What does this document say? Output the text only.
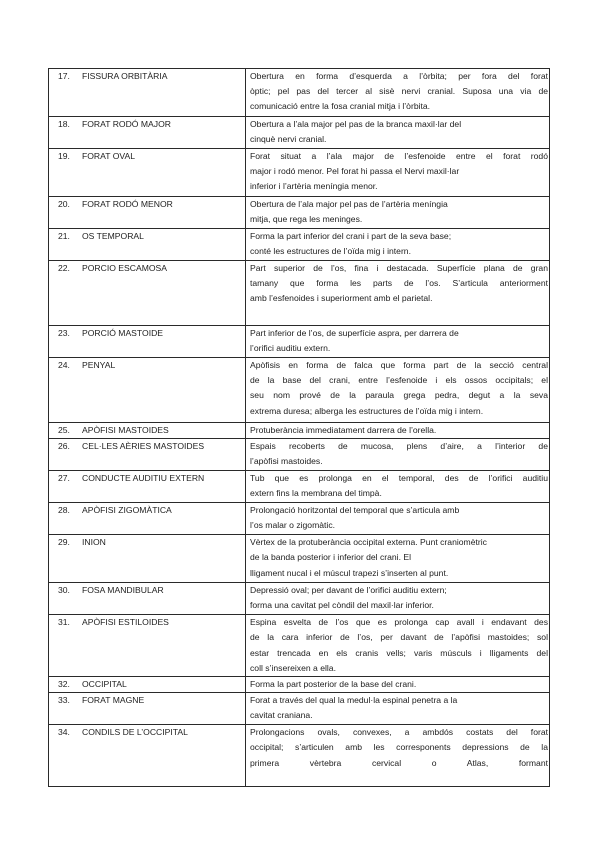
17. FISSURA ORBITÀRIA	Obertura en forma d’esquerda a l’òrbita; per fora del forat
òptic; pel pas del tercer al sisè nervi cranial. Suposa una via de
comunicació entre la fosa cranial mitja i l’òrbita.

18. FORAT RODÓ MAJOR	Obertura a l’ala major pel pas de la branca maxil·lar del
cinquè nervi cranial.

19. FORAT OVAL	Forat situat a l’ala major de l’esfenoide entre el forat rodó
major i rodó menor. Pel forat hi passa el Nervi maxil·lar
inferior i l’artèria meníngia menor.

20. FORAT RODÓ MENOR	Obertura de l’ala major pel pas de l’artèria meníngia
mitja, que rega les meninges.

21. OS TEMPORAL	Forma la part inferior del crani i part de la seva base;
conté les estructures de l’oïda mig i intern.

22. PORCIO ESCAMOSA	Part superior de l’os, fina i destacada. Superfície plana de gran
tamany que forma les parts de l’os. S’articula anteriorment
amb l’esfenoides i superiorment amb el parietal.

23. PORCIÓ MASTOIDE	Part inferior de l’os, de superfície aspra, per darrera de
l’orifici auditiu extern.

24. PENYAL	Apòfisis en forma de falca que forma part de la secció central
de la base del crani, entre l’esfenoide i els ossos occipitals; el
seu nom prové de la paraula grega pedra, degut a la seva
extrema duresa; alberga les estructures de l’oïda mig i intern.

25. APÒFISI MASTOIDES	Protuberància immediatament darrera de l’orella.

26. CEL·LES AÈRIES MASTOIDES	Espais recoberts de mucosa, plens d’aire, a l’interior de
l’apòfisi mastoides.

27. CONDUCTE AUDITIU EXTERN	Tub que es prolonga en el temporal, des de l’orifici auditiu
extern fins la membrana del timpà.

28. APÒFISI ZIGOMÀTICA	Prolongació horitzontal del temporal que s’articula amb
l’os malar o zigomàtic.

29. INION	Vèrtex de la protuberància occipital externa. Punt craniomètric
de la banda posterior i inferior del crani. El
lligament nucal i el múscul trapezi s’inserten al punt.

30. FOSA MANDIBULAR	Depressió oval; per davant de l’orifici auditiu extern;
forma una cavitat pel còndil del maxil·lar inferior.

31. APÒFISI ESTILOIDES	Espina esvelta de l’os que es prolonga cap avall i endavant des
de la cara inferior de l’os, per davant de l’apòfisi mastoides; sol
estar trencada en els cranis vells; varis músculs i lligaments del
coll s’insereixen a ella.

32. OCCIPITAL	Forma la part posterior de la base del crani.

33. FORAT MAGNE	Forat a través del qual la medul·la espinal penetra a la
cavitat craniana.

34. CONDILS DE L’OCCIPITAL	Prolongacions ovals, convexes, a ambdós costats del forat
occipital; s’articulen amb les corresponents depressions de la
primera vèrtebra cervical o Atlas, formant
